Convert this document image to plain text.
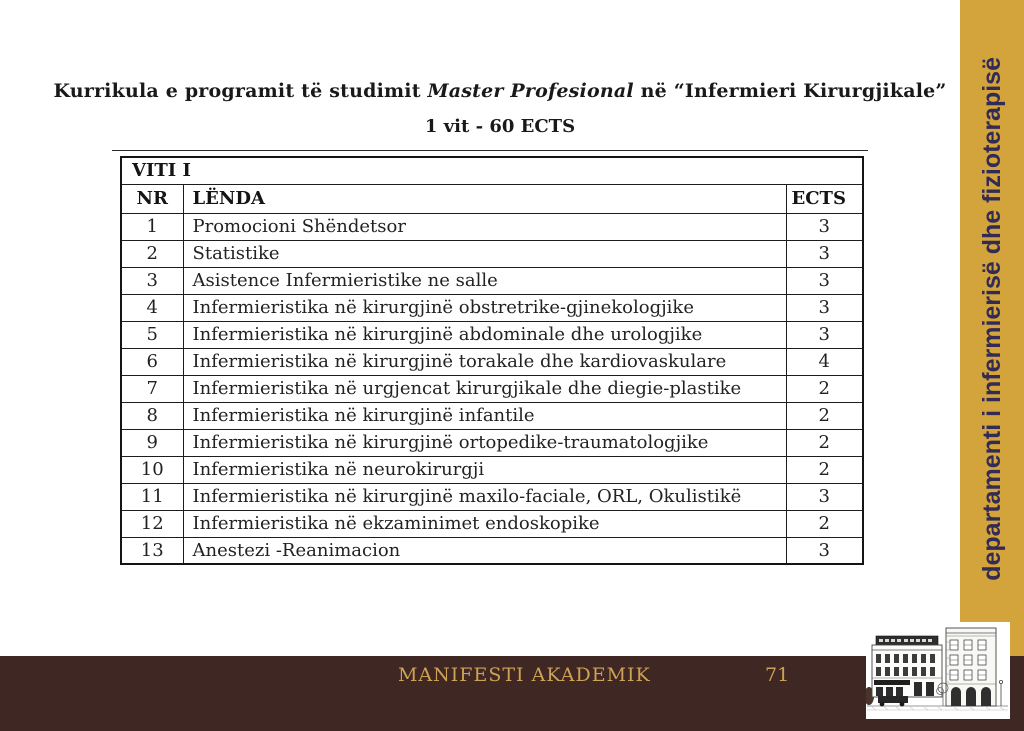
Kurrikula e programit të studimit Master Profesional në “Infermieri Kirurgjikale”
1 vit - 60 ECTS
VITI I		
NR	LËNDA	ECTS
1	Promocioni Shëndetsor	3
2	Statistike	3
3	Asistence Infermieristike ne salle	3
4	Infermieristika në kirurgjinë obstretrike-gjinekologjike	3
5	Infermieristika në kirurgjinë abdominale dhe urologjike	3
6	Infermieristika në kirurgjinë torakale dhe kardiovaskulare	4
7	Infermieristika në urgjencat kirurgjikale dhe diegie-plastike	2
8	Infermieristika në kirurgjinë infantile	2
9	Infermieristika në kirurgjinë ortopedike-traumatologjike	2
10	Infermieristika në neurokirurgji	2
11	Infermieristika në kirurgjinë maxilo-faciale, ORL, Okulistikë	3
12	Infermieristika në ekzaminimet endoskopike	2
13	Anestezi -Reanimacion	3	departamenti i infermierisë dhe fizioterapisë
MANIFESTI AKADEMIK	71
